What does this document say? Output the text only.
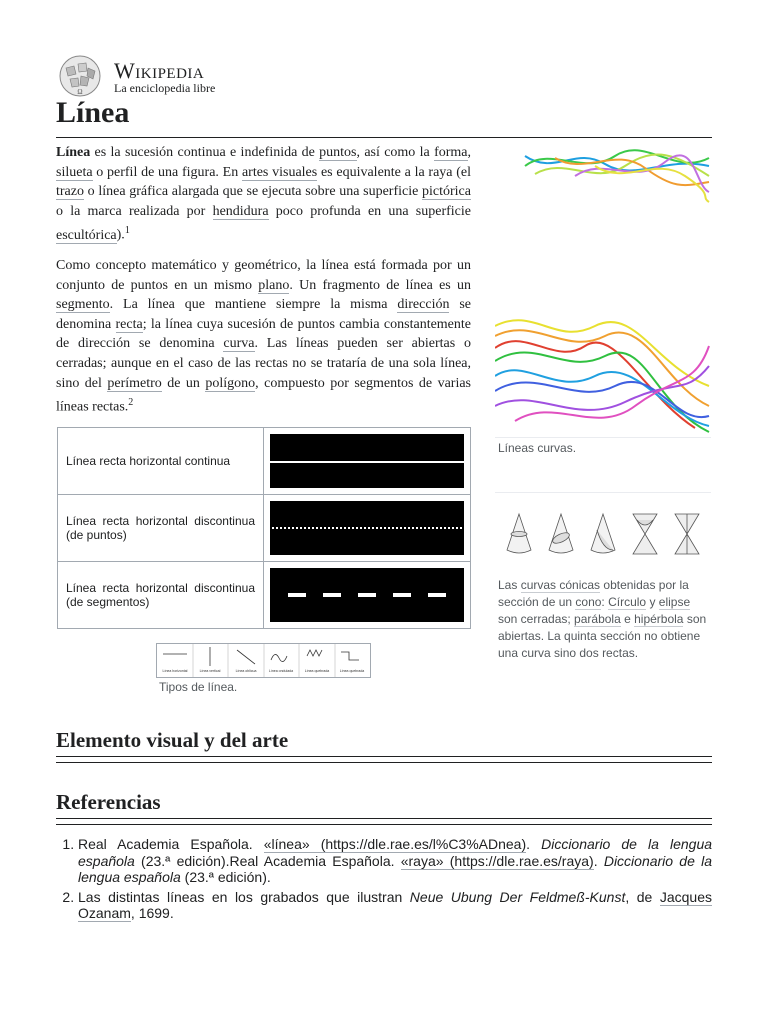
Ω
Wikipedia
La enciclopedia libre
Línea

Línea es la sucesión continua e indefinida de puntos, así como la forma, silueta o perfil de una figura. En artes visuales es equivalente a la raya (el trazo o línea gráfica alargada que se ejecuta sobre una superficie pictórica o la marca realizada por hendidura poco profunda en una superficie escultórica).$^1$

Como concepto matemático y geométrico, la línea está formada por un conjunto de puntos en un mismo plano. Un fragmento de línea es un segmento. La línea que mantiene siempre la misma dirección se denomina recta; la línea cuya sucesión de puntos cambia constantemente de dirección se denomina curva. Las líneas pueden ser abiertas o cerradas; aunque en el caso de las rectas no se trataría de una sola línea, sino del perímetro de un polígono, compuesto por segmentos de varias líneas rectas.$^2$

Línea recta horizontal continua	

Línea recta horizontal discontinua (de puntos)	

Línea recta horizontal discontinua (de segmentos)	
Línea horizontal	Línea vertical	Línea oblicua	Línea ondulada	Línea quebrada	Línea quebrada
Tipos de línea.
Líneas curvas.
Las curvas cónicas obtenidas por la sección de un cono: Círculo y elipse son cerradas; parábola e hipérbola son abiertas. La quinta sección no obtiene una curva sino dos rectas.
Elemento visual y del arte
Referencias
1. Real Academia Española. «línea» (https://dle.rae.es/l%C3%ADnea). Diccionario de la lengua española (23.ª edición).Real Academia Española. «raya» (https://dle.rae.es/raya). Diccionario de la lengua española (23.ª edición).
2. Las distintas líneas en los grabados que ilustran Neue Ubung Der Feldmeß-Kunst, de Jacques Ozanam, 1699.
